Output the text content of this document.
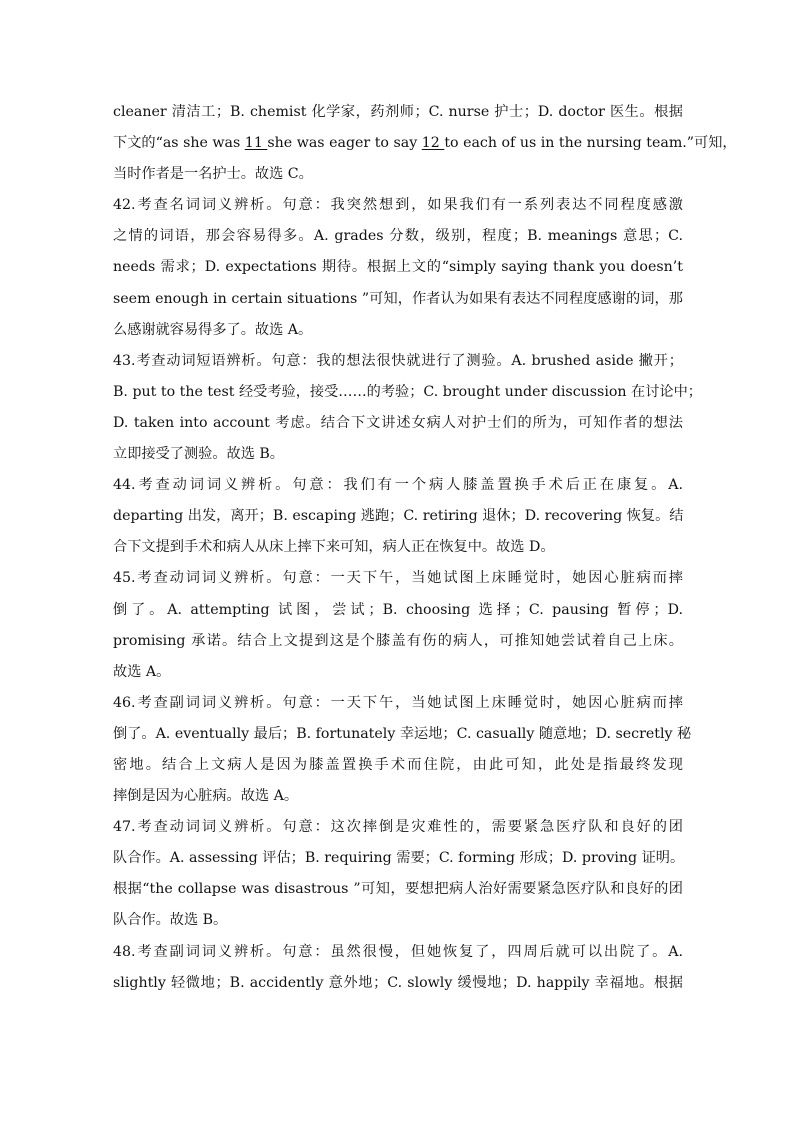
cleaner 清洁工；B. chemist 化学家，药剂师；C. nurse 护士；D. doctor 医生。根据
下文的“as she was 11 she was eager to say 12 to each of us in the nursing team.”可知，
当时作者是一名护士。故选 C。
42.考查名词词义辨析。句意：我突然想到，如果我们有一系列表达不同程度感激
之情的词语，那会容易得多。A. grades 分数，级别，程度；B. meanings 意思；C.
needs 需求；D. expectations 期待。根据上文的“simply saying thank you doesn’t
seem enough in certain situations ”可知，作者认为如果有表达不同程度感谢的词，那
么感谢就容易得多了。故选 A。
43.考查动词短语辨析。句意：我的想法很快就进行了测验。A. brushed aside 撇开；
B. put to the test 经受考验，接受……的考验；C. brought under discussion 在讨论中；
D. taken into account 考虑。结合下文讲述女病人对护士们的所为，可知作者的想法
立即接受了测验。故选 B。
44.考查动词词义辨析。句意：我们有一个病人膝盖置换手术后正在康复。A.
departing 出发，离开；B. escaping 逃跑；C. retiring 退休；D. recovering 恢复。结
合下文提到手术和病人从床上摔下来可知，病人正在恢复中。故选 D。
45.考查动词词义辨析。句意：一天下午，当她试图上床睡觉时，她因心脏病而摔
倒了。A. attempting 试图，尝试；B. choosing 选择；C. pausing 暂停；D.
promising 承诺。结合上文提到这是个膝盖有伤的病人，可推知她尝试着自己上床。
故选 A。
46.考查副词词义辨析。句意：一天下午，当她试图上床睡觉时，她因心脏病而摔
倒了。A. eventually 最后；B. fortunately 幸运地；C. casually 随意地；D. secretly 秘
密地。结合上文病人是因为膝盖置换手术而住院，由此可知，此处是指最终发现
摔倒是因为心脏病。故选 A。
47.考查动词词义辨析。句意：这次摔倒是灾难性的，需要紧急医疗队和良好的团
队合作。A. assessing 评估；B. requiring 需要；C. forming 形成；D. proving 证明。
根据“the collapse was disastrous ”可知，要想把病人治好需要紧急医疗队和良好的团
队合作。故选 B。
48.考查副词词义辨析。句意：虽然很慢，但她恢复了，四周后就可以出院了。A.
slightly 轻微地；B. accidently 意外地；C. slowly 缓慢地；D. happily 幸福地。根据
